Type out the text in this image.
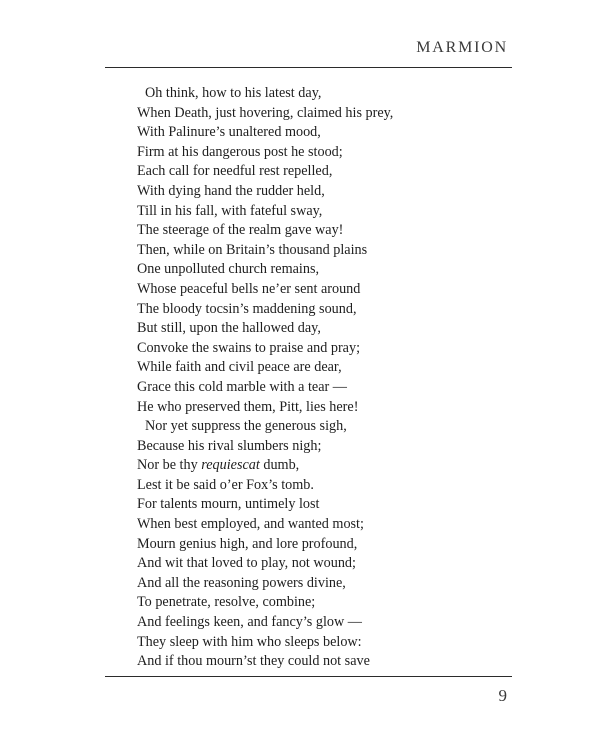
MARMION
Oh think, how to his latest day,
When Death, just hovering, claimed his prey,
With Palinure’s unaltered mood,
Firm at his dangerous post he stood;
Each call for needful rest repelled,
With dying hand the rudder held,
Till in his fall, with fateful sway,
The steerage of the realm gave way!
Then, while on Britain’s thousand plains
One unpolluted church remains,
Whose peaceful bells ne’er sent around
The bloody tocsin’s maddening sound,
But still, upon the hallowed day,
Convoke the swains to praise and pray;
While faith and civil peace are dear,
Grace this cold marble with a tear —
He who preserved them, Pitt, lies here!
Nor yet suppress the generous sigh,
Because his rival slumbers nigh;
Nor be thy requiescat dumb,
Lest it be said o’er Fox’s tomb.
For talents mourn, untimely lost
When best employed, and wanted most;
Mourn genius high, and lore profound,
And wit that loved to play, not wound;
And all the reasoning powers divine,
To penetrate, resolve, combine;
And feelings keen, and fancy’s glow —
They sleep with him who sleeps below:
And if thou mourn’st they could not save
9
